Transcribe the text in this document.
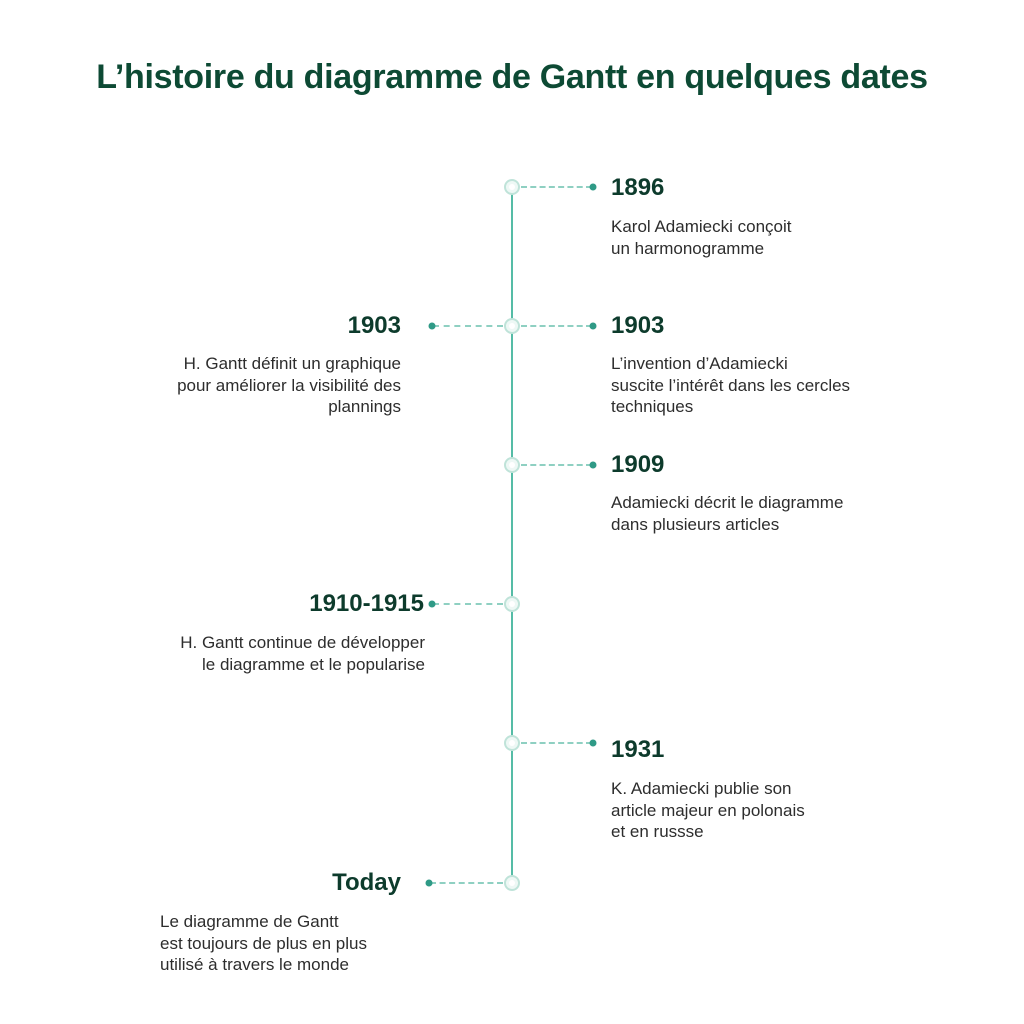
L’histoire du diagramme de Gantt en quelques dates
1896
Karol Adamiecki conçoit
un harmonogramme
1903
H. Gantt définit un graphique
pour améliorer la visibilité des
plannings
1903
L’invention d’Adamiecki
suscite l’intérêt dans les cercles
techniques
1909
Adamiecki décrit le diagramme
dans plusieurs articles
1910-1915
H. Gantt continue de développer
le diagramme et le popularise
1931
K. Adamiecki publie son
article majeur en polonais
et en russse
Today
Le diagramme de Gantt
est toujours de plus en plus
utilisé à travers le monde
